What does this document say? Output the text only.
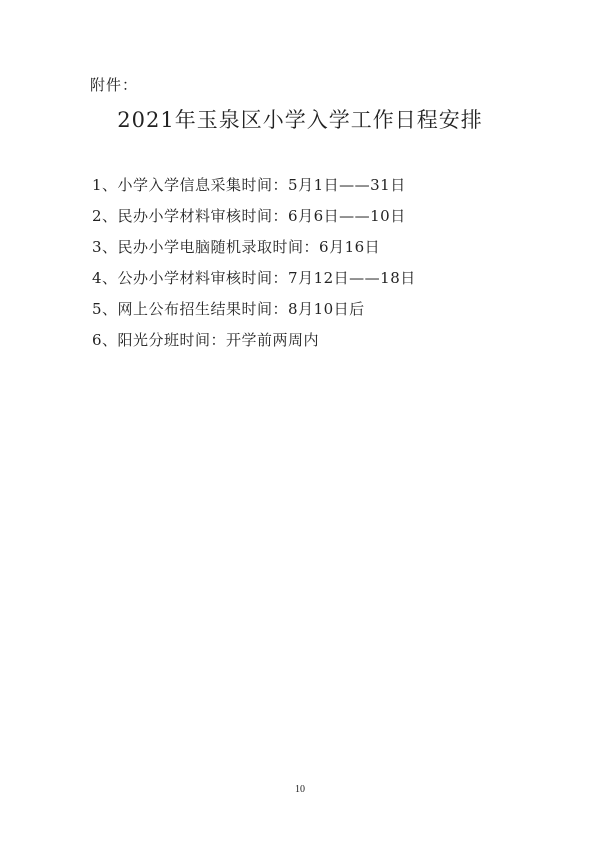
附件：
2021年玉泉区小学入学工作日程安排
1、小学入学信息采集时间：5月1日——31日
2、民办小学材料审核时间：6月6日——10日
3、民办小学电脑随机录取时间：6月16日
4、公办小学材料审核时间：7月12日——18日
5、网上公布招生结果时间：8月10日后
6、阳光分班时间：开学前两周内
10
